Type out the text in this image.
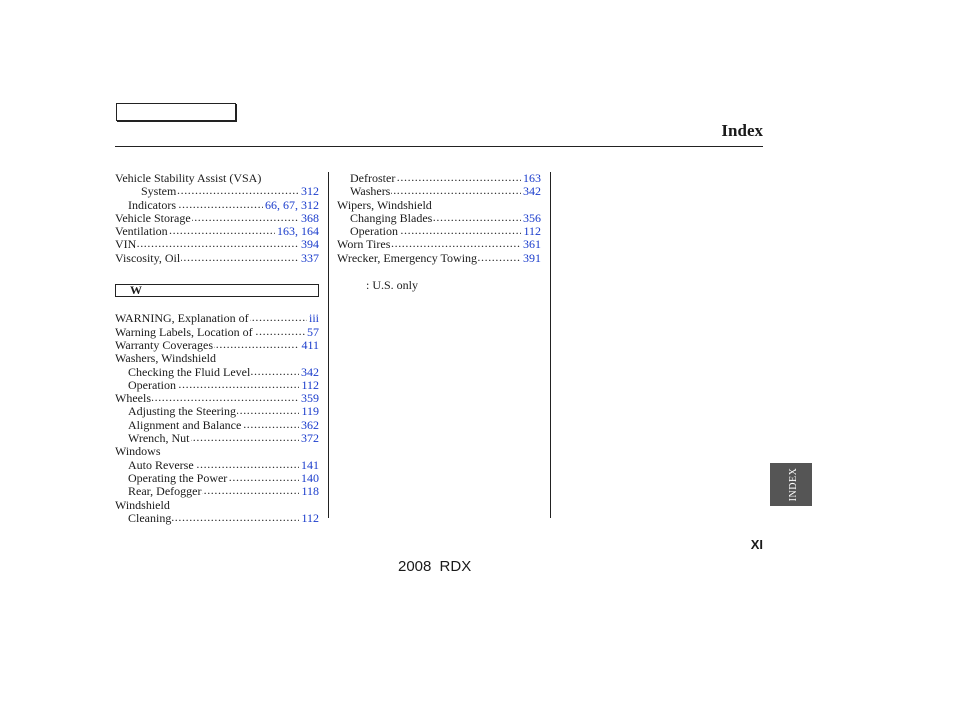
Index
Vehicle Stability Assist (VSA)
System .....	312
Indicators .....	66, 67, 312
Vehicle Storage .....	368
Ventilation .....	163, 164
VIN .....	394
Viscosity, Oil .....	337
W
WARNING, Explanation of .....	iii
Warning Labels, Location of .....	57
Warranty Coverages .....	411
Washers, Windshield
Checking the Fluid Level .....	342
Operation .....	112
Wheels .....	359
Adjusting the Steering .....	119
Alignment and Balance .....	362
Wrench, Nut .....	372
Windows
Auto Reverse .....	141
Operating the Power .....	140
Rear, Defogger .....	118
Windshield
Cleaning .....	112
Defroster .....	163
Washers .....	342
Wipers, Windshield
Changing Blades .....	356
Operation .....	112
Worn Tires .....	361
Wrecker, Emergency Towing .....	391
: U.S. only
INDEX
XI
2008 RDX
